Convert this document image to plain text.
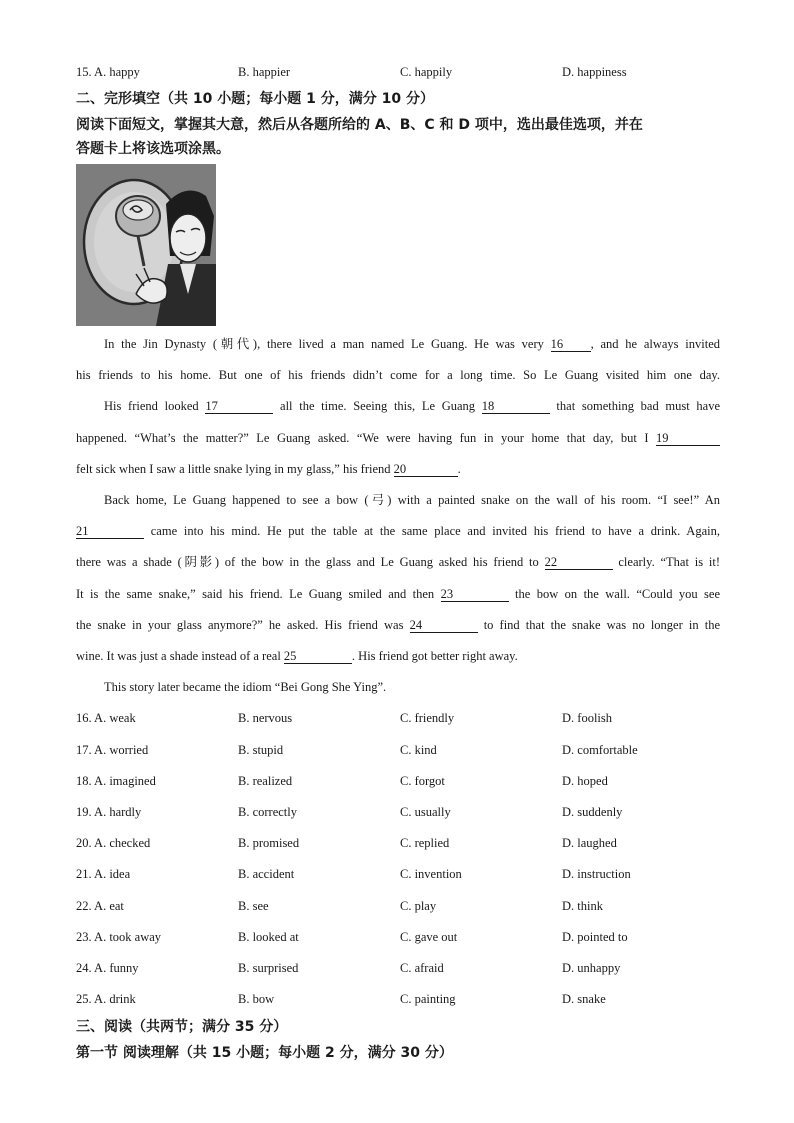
15. A. happy	B. happier	C. happily	D. happiness
二、完形填空（共 10 小题；每小题 1 分，满分 10 分）
阅读下面短文，掌握其大意，然后从各题所给的 A、B、C 和 D 项中，选出最佳选项，并在
答题卡上将该选项涂黑。
In the Jin Dynasty (朝代), there lived a man named Le Guang. He was very 16 , and he always invited
his friends to his home. But one of his friends didn’t come for a long time. So Le Guang visited him one day.
His friend looked 17	all the time. Seeing this, Le Guang 18	that something bad must have
happened. “What’s the matter?” Le Guang asked. “We were having fun in your home that day, but I 19
felt sick when I saw a little snake lying in my glass,” his friend 20	.
Back home, Le Guang happened to see a bow (弓) with a painted snake on the wall of his room. “I see!” An
21	came into his mind. He put the table at the same place and invited his friend to have a drink. Again,
there was a shade (阴影) of the bow in the glass and Le Guang asked his friend to 22	clearly. “That is it!
It is the same snake,” said his friend. Le Guang smiled and then 23	the bow on the wall. “Could you see
the snake in your glass anymore?” he asked. His friend was 24	to find that the snake was no longer in the
wine. It was just a shade instead of a real 25	. His friend got better right away.
This story later became the idiom “Bei Gong She Ying”.
16. A. weak	B. nervous	C. friendly	D. foolish
17. A. worried	B. stupid	C. kind	D. comfortable
18. A. imagined	B. realized	C. forgot	D. hoped
19. A. hardly	B. correctly	C. usually	D. suddenly
20. A. checked	B. promised	C. replied	D. laughed
21. A. idea	B. accident	C. invention	D. instruction
22. A. eat	B. see	C. play	D. think
23. A. took away	B. looked at	C. gave out	D. pointed to
24. A. funny	B. surprised	C. afraid	D. unhappy
25. A. drink	B. bow	C. painting	D. snake
三、阅读（共两节；满分 35 分）
第一节 阅读理解（共 15 小题；每小题 2 分，满分 30 分）
